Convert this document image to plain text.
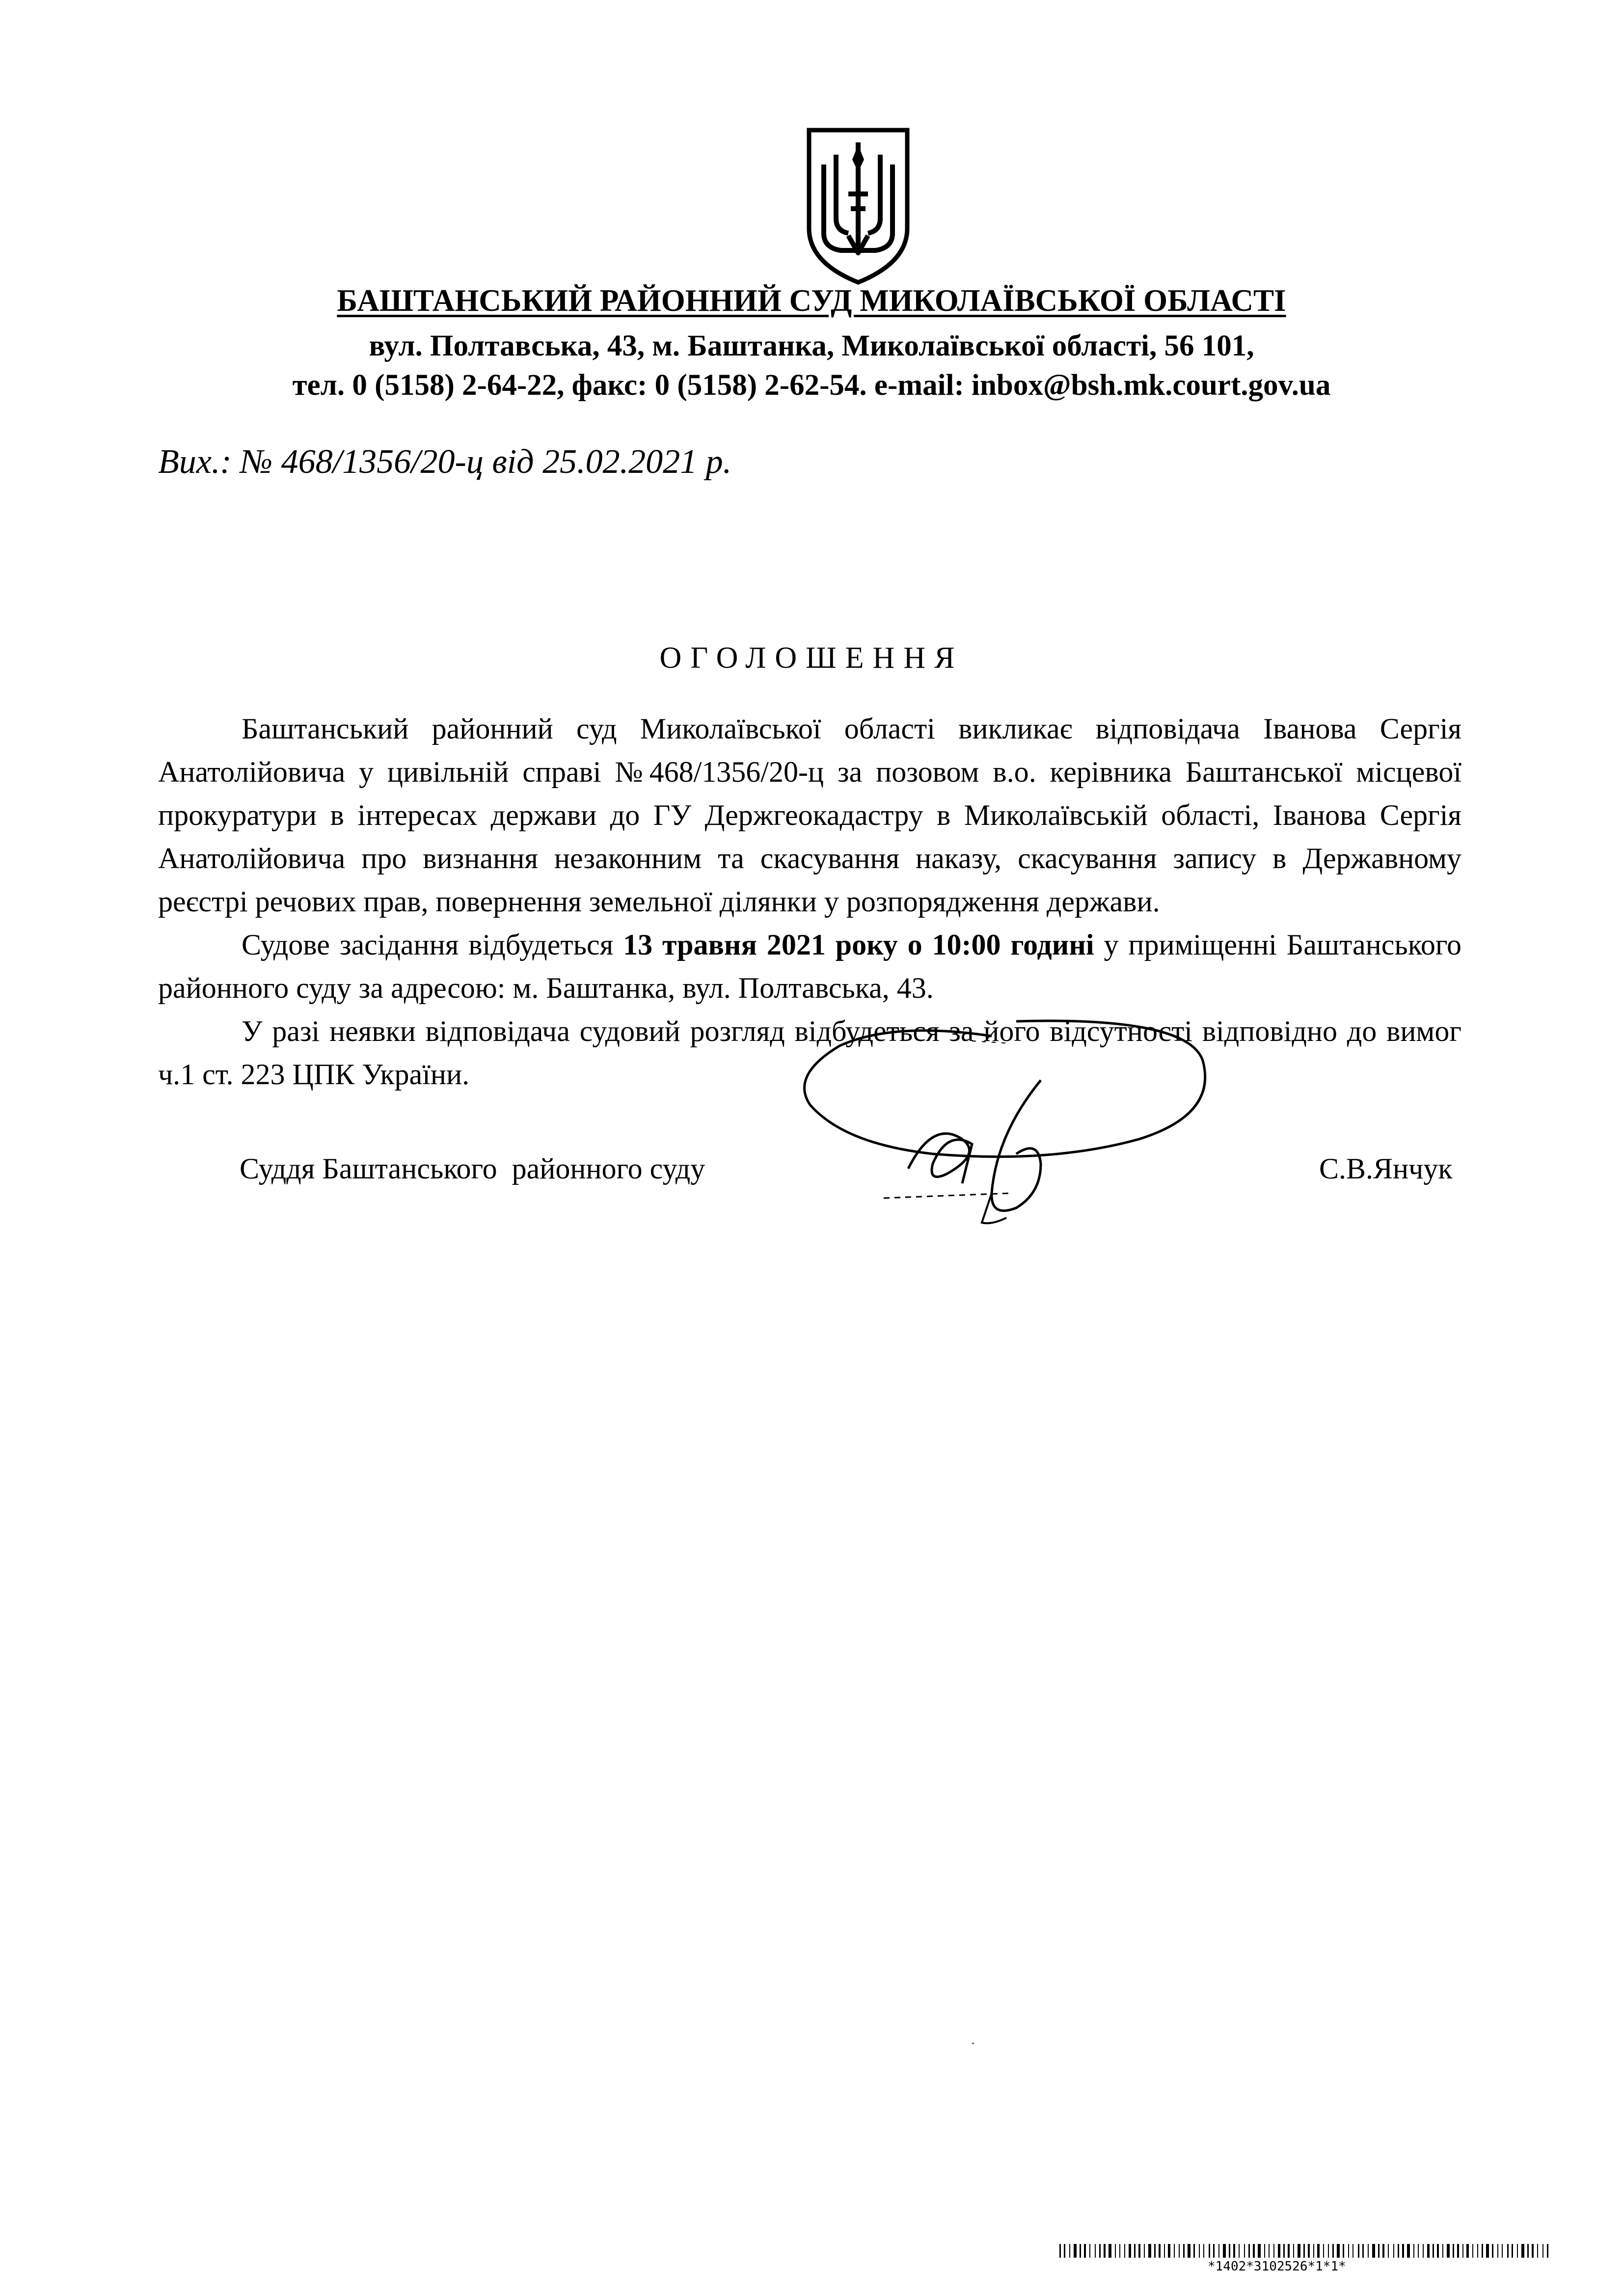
БАШТАНСЬКИЙ РАЙОННИЙ СУД МИКОЛАЇВСЬКОЇ ОБЛАСТІ
вул. Полтавська, 43, м. Баштанка, Миколаївської області, 56 101,
тел. 0 (5158) 2-64-22, факс: 0 (5158) 2-62-54. e-mail: inbox@bsh.mk.court.gov.ua
Вих.: № 468/1356/20-ц від 25.02.2021 р.
ОГОЛОШЕННЯ

Баштанський районний суд Миколаївської області викликає відповідача Іванова Сергія Анатолійовича у цивільній справі №468/1356/20-ц за позовом в.о. керівника Баштанської місцевої прокуратури в інтересах держави до ГУ Держгеокадастру в Миколаївській області, Іванова Сергія Анатолійовича про визнання незаконним та скасування наказу, скасування запису в Державному реєстрі речових прав, повернення земельної ділянки у розпорядження держави.

Судове засідання відбудеться 13 травня 2021 року о 10:00 годині у приміщенні Баштанського районного суду за адресою: м. Баштанка, вул. Полтавська, 43.

У разі неявки відповідача судовий розгляд відбудеться за його відсутності відповідно до вимог ч.1 ст. 223 ЦПК України.

Суддя Баштанського  районного суду	С.В.Янчук
*1402*3102526*1*1*
